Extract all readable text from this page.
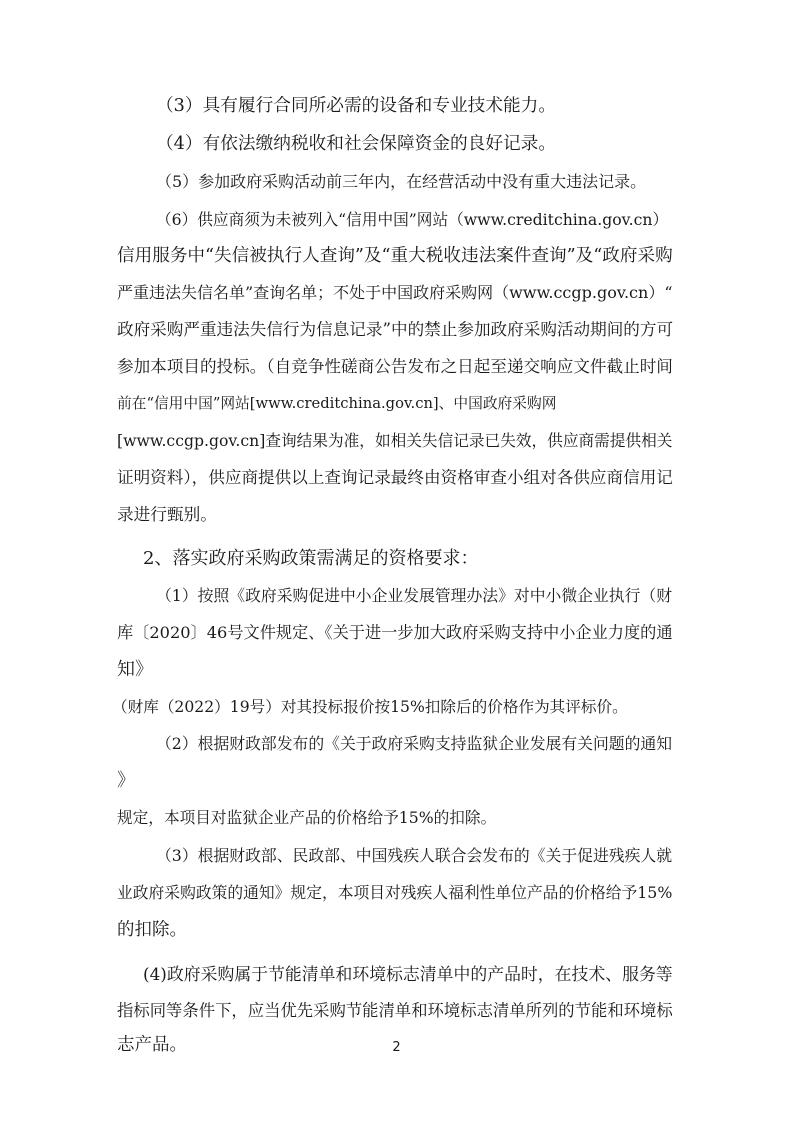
（3）具有履行合同所必需的设备和专业技术能力。
（4）有依法缴纳税收和社会保障资金的良好记录。
（5）参加政府采购活动前三年内，在经营活动中没有重大违法记录。
（6）供应商须为未被列入“信用中国”网站（www.creditchina.gov.cn）
信用服务中“失信被执行人查询”及“重大税收违法案件查询”及“政府采购
严重违法失信名单”查询名单；不处于中国政府采购网（www.ccgp.gov.cn）“
政府采购严重违法失信行为信息记录”中的禁止参加政府采购活动期间的方可
参加本项目的投标。（自竞争性磋商公告发布之日起至递交响应文件截止时间
前在“信用中国”网站[www.creditchina.gov.cn]、中国政府采购网
[www.ccgp.gov.cn]查询结果为准，如相关失信记录已失效，供应商需提供相关
证明资料），供应商提供以上查询记录最终由资格审查小组对各供应商信用记
录进行甄别。
2、落实政府采购政策需满足的资格要求：
（1）按照《政府采购促进中小企业发展管理办法》对中小微企业执行（财
库〔2020〕46号文件规定、《关于进一步加大政府采购支持中小企业力度的通
知》
（财库（2022）19号）对其投标报价按15%扣除后的价格作为其评标价。
（2）根据财政部发布的《关于政府采购支持监狱企业发展有关问题的通知
》
规定，本项目对监狱企业产品的价格给予15%的扣除。
（3）根据财政部、民政部、中国残疾人联合会发布的《关于促进残疾人就
业政府采购政策的通知》规定，本项目对残疾人福利性单位产品的价格给予15%
的扣除。
(4)政府采购属于节能清单和环境标志清单中的产品时，在技术、服务等
指标同等条件下，应当优先采购节能清单和环境标志清单所列的节能和环境标
志产品。	2
